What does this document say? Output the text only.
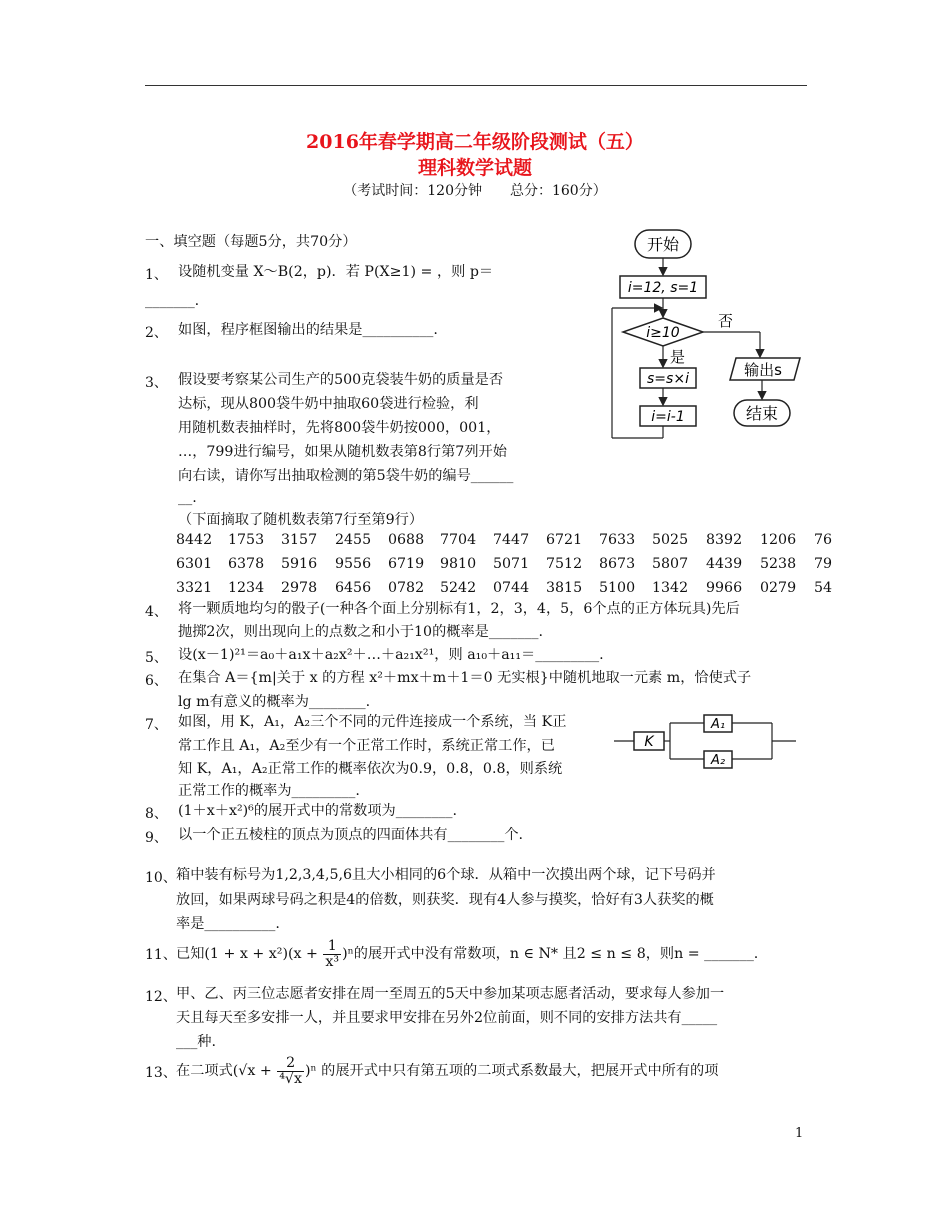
2016年春学期高二年级阶段测试（五）
理科数学试题
（考试时间：120分钟　　总分：160分）
一、填空题（每题5分，共70分）
1、 设随机变量 X～B(2，p)．若 P(X≥1) = ，则 p＝
_______.
2、 如图，程序框图输出的结果是__________.
3、 假设要考察某公司生产的500克袋装牛奶的质量是否
达标，现从800袋牛奶中抽取60袋进行检验，利
用随机数表抽样时，先将800袋牛奶按000，001，
…，799进行编号，如果从随机数表第8行第7列开始
向右读，请你写出抽取检测的第5袋牛奶的编号______
__.
（下面摘取了随机数表第7行至第9行）
8442 1753 3157 2455 0688 7704 7447 6721 7633 5025 8392 1206 76
6301 6378 5916 9556 6719 9810 5071 7512 8673 5807 4439 5238 79
3321 1234 2978 6456 0782 5242 0744 3815 5100 1342 9966 0279 54
4、 将一颗质地均匀的骰子(一种各个面上分别标有1，2，3，4，5，6个点的正方体玩具)先后
抛掷2次，则出现向上的点数之和小于10的概率是_______.
5、 设(x－1)²¹＝a₀＋a₁x＋a₂x²＋…＋a₂₁x²¹，则 a₁₀＋a₁₁＝_________.
6、 在集合 A＝{m|关于 x 的方程 x²＋mx＋m＋1＝0 无实根}中随机地取一元素 m，恰使式子
lg m有意义的概率为________.
7、 如图，用 K，A₁，A₂三个不同的元件连接成一个系统，当 K正
常工作且 A₁，A₂至少有一个正常工作时，系统正常工作，已
知 K，A₁，A₂正常工作的概率依次为0.9，0.8，0.8，则系统
正常工作的概率为_________.
8、 (1＋x＋x²)⁶的展开式中的常数项为________.
9、 以一个正五棱柱的顶点为顶点的四面体共有________个.
10、 箱中装有标号为1,2,3,4,5,6且大小相同的6个球．从箱中一次摸出两个球，记下号码并
放回，如果两球号码之积是4的倍数，则获奖．现有4人参与摸奖，恰好有3人获奖的概
率是__________.
11、 已知$(1 + x + x^2)(x + \frac{1}{\text{x³}} )^n$的展开式中没有常数项，n ∈ N* 且2 ≤ n ≤ 8，则n = _______.
12、 甲、乙、丙三位志愿者安排在周一至周五的5天中参加某项志愿者活动，要求每人参加一
天且每天至多安排一人，并且要求甲安排在另外2位前面，则不同的安排方法共有_____
___种.
13、 在二项式$(√x + \frac{2}{\text{⁴√x}} )^n$ 的展开式中只有第五项的二项式系数最大，把展开式中所有的项
开始
i=12, s=1
i≥10
否
输出s
结束
是
s=s×i
i=i-1
K
A₁
A₂
1
